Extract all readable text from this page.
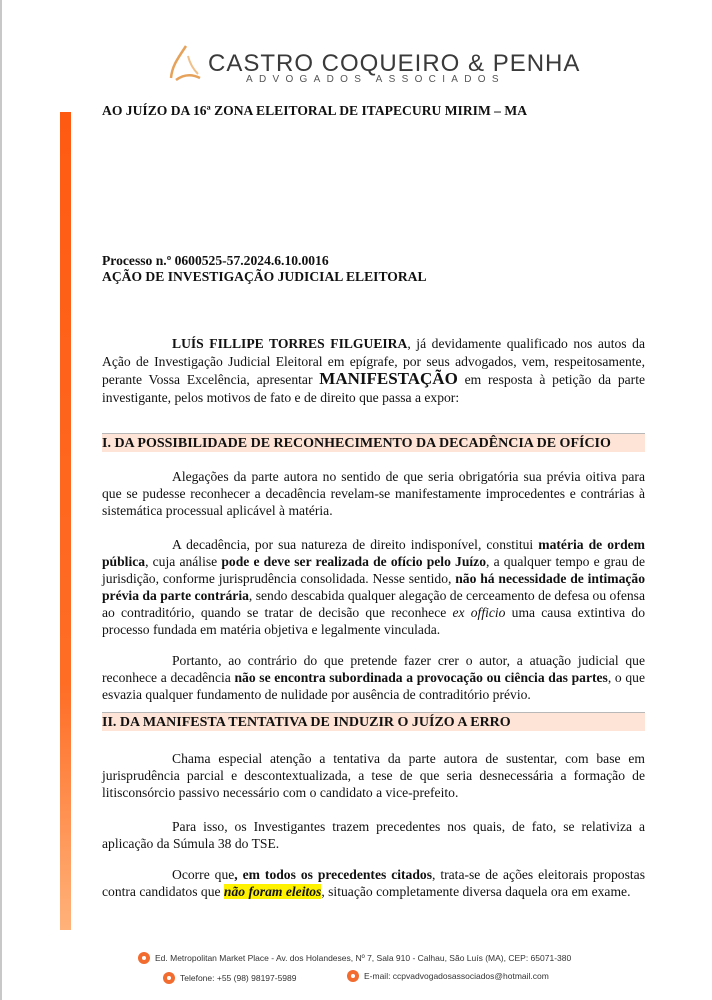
CASTRO COQUEIRO & PENHA
ADVOGADOS ASSOCIADOS
AO JUÍZO DA 16ª ZONA ELEITORAL DE ITAPECURU MIRIM – MA
Processo n.º 0600525-57.2024.6.10.0016
AÇÃO DE INVESTIGAÇÃO JUDICIAL ELEITORAL
LUÍS FILLIPE TORRES FILGUEIRA, já devidamente qualificado nos autos da Ação de Investigação Judicial Eleitoral em epígrafe, por seus advogados, vem, respeitosamente, perante Vossa Excelência, apresentar MANIFESTAÇÃO em resposta à petição da parte investigante, pelos motivos de fato e de direito que passa a expor:
I. DA POSSIBILIDADE DE RECONHECIMENTO DA DECADÊNCIA DE OFÍCIO
Alegações da parte autora no sentido de que seria obrigatória sua prévia oitiva para que se pudesse reconhecer a decadência revelam-se manifestamente improcedentes e contrárias à sistemática processual aplicável à matéria.
A decadência, por sua natureza de direito indisponível, constitui matéria de ordem pública, cuja análise pode e deve ser realizada de ofício pelo Juízo, a qualquer tempo e grau de jurisdição, conforme jurisprudência consolidada. Nesse sentido, não há necessidade de intimação prévia da parte contrária, sendo descabida qualquer alegação de cerceamento de defesa ou ofensa ao contraditório, quando se tratar de decisão que reconhece ex officio uma causa extintiva do processo fundada em matéria objetiva e legalmente vinculada.
Portanto, ao contrário do que pretende fazer crer o autor, a atuação judicial que reconhece a decadência não se encontra subordinada a provocação ou ciência das partes, o que esvazia qualquer fundamento de nulidade por ausência de contraditório prévio.
II. DA MANIFESTA TENTATIVA DE INDUZIR O JUÍZO A ERRO
Chama especial atenção a tentativa da parte autora de sustentar, com base em jurisprudência parcial e descontextualizada, a tese de que seria desnecessária a formação de litisconsórcio passivo necessário com o candidato a vice-prefeito.
Para isso, os Investigantes trazem precedentes nos quais, de fato, se relativiza a aplicação da Súmula 38 do TSE.
Ocorre que, em todos os precedentes citados, trata-se de ações eleitorais propostas contra candidatos que não foram eleitos, situação completamente diversa daquela ora em exame.
Ed. Metropolitan Market Place - Av. dos Holandeses, Nº 7, Sala 910 - Calhau, São Luís (MA), CEP: 65071-380
Telefone: +55 (98) 98197-5989	E-mail: ccpvadvogadosassociados@hotmail.com
